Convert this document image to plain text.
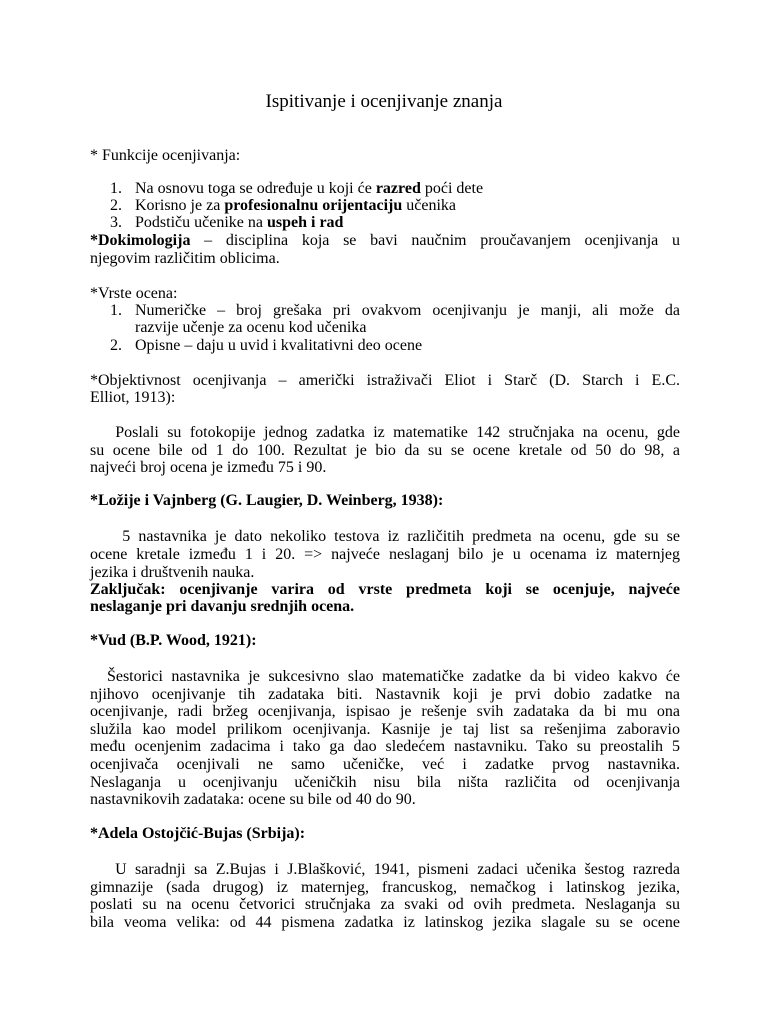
Ispitivanje i ocenjivanje znanja
* Funkcije ocenjivanja:
1. Na osnovu toga se određuje u koji će razred poći dete
2. Korisno je za profesionalnu orijentaciju učenika
3. Podstiču učenike na uspeh i rad
*Dokimologija – disciplina koja se bavi naučnim proučavanjem ocenjivanja u
njegovim različitim oblicima.
*Vrste ocena:
1. Numeričke – broj grešaka pri ovakvom ocenjivanju je manji, ali može da
razvije učenje za ocenu kod učenika
2. Opisne – daju u uvid i kvalitativni deo ocene
*Objektivnost ocenjivanja – američki istraživači Eliot i Starč (D. Starch i E.C.
Elliot, 1913):
Poslali su fotokopije jednog zadatka iz matematike 142 stručnjaka na ocenu, gde
su ocene bile od 1 do 100. Rezultat je bio da su se ocene kretale od 50 do 98, a
najveći broj ocena je između 75 i 90.
*Ložije i Vajnberg (G. Laugier, D. Weinberg, 1938):
5 nastavnika je dato nekoliko testova iz različitih predmeta na ocenu, gde su se
ocene kretale između 1 i 20. => najveće neslaganj bilo je u ocenama iz maternjeg
jezika i društvenih nauka.
Zaključak: ocenjivanje varira od vrste predmeta koji se ocenjuje, najveće
neslaganje pri davanju srednjih ocena.
*Vud (B.P. Wood, 1921):
Šestorici nastavnika je sukcesivno slao matematičke zadatke da bi video kakvo će
njihovo ocenjivanje tih zadataka biti. Nastavnik koji je prvi dobio zadatke na
ocenjivanje, radi bržeg ocenjivanja, ispisao je rešenje svih zadataka da bi mu ona
služila kao model prilikom ocenjivanja. Kasnije je taj list sa rešenjima zaboravio
među ocenjenim zadacima i tako ga dao sledećem nastavniku. Tako su preostalih 5
ocenjivača ocenjivali ne samo učeničke, već i zadatke prvog nastavnika.
Neslaganja u ocenjivanju učeničkih nisu bila ništa različita od ocenjivanja
nastavnikovih zadataka: ocene su bile od 40 do 90.
*Adela Ostojčić-Bujas (Srbija):
U saradnji sa Z.Bujas i J.Blašković, 1941, pismeni zadaci učenika šestog razreda
gimnazije (sada drugog) iz maternjeg, francuskog, nemačkog i latinskog jezika,
poslati su na ocenu četvorici stručnjaka za svaki od ovih predmeta. Neslaganja su
bila veoma velika: od 44 pismena zadatka iz latinskog jezika slagale su se ocene
